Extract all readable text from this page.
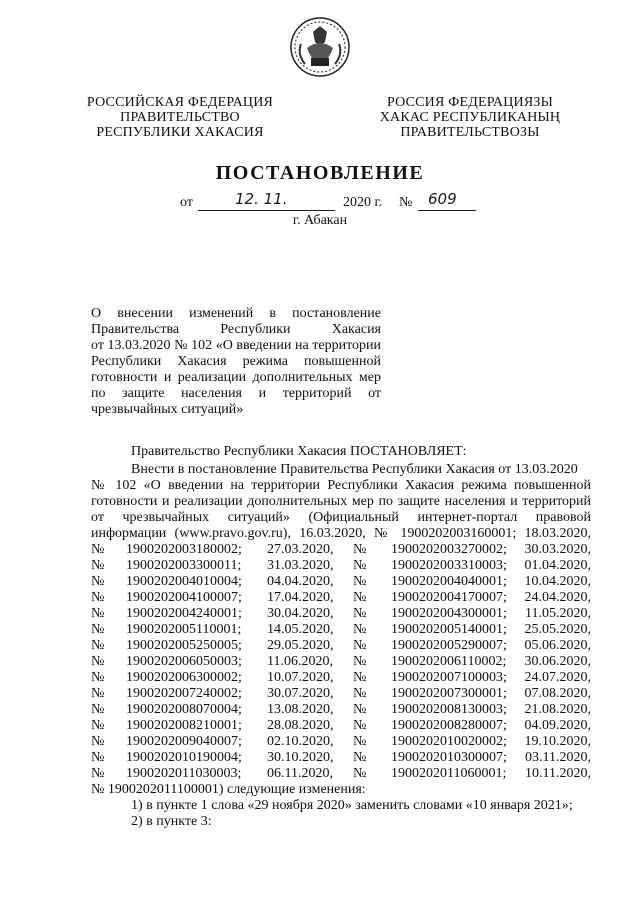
РОССИЙСКАЯ ФЕДЕРАЦИЯ
ПРАВИТЕЛЬСТВО
РЕСПУБЛИКИ ХАКАСИЯ
РОССИЯ ФЕДЕРАЦИЯЗЫ
ХАКАС РЕСПУБЛИКАНЫҢ
ПРАВИТЕЛЬСТВОЗЫ
ПОСТАНОВЛЕНИЕ
от	12. 11.	2020 г. № 609
г. Абакан
О внесении изменений в постановление
Правительства Республики Хакасия
от 13.03.2020 № 102 «О введении на территории
Республики Хакасия режима повышенной
готовности и реализации дополнительных мер
по защите населения и территорий от
чрезвычайных ситуаций»
Правительство Республики Хакасия ПОСТАНОВЛЯЕТ:
Внести в постановление Правительства Республики Хакасия от 13.03.2020
№ 102 «О введении на территории Республики Хакасия режима повышенной
готовности и реализации дополнительных мер по защите населения и территорий
от чрезвычайных ситуаций» (Официальный интернет-портал правовой
информации (www.pravo.gov.ru), 16.03.2020, № 1900202003160001; 18.03.2020,
№ 1900202003180002; 27.03.2020, № 1900202003270002; 30.03.2020,
№ 1900202003300011; 31.03.2020, № 1900202003310003; 01.04.2020,
№ 1900202004010004; 04.04.2020, № 1900202004040001; 10.04.2020,
№ 1900202004100007; 17.04.2020, № 1900202004170007; 24.04.2020,
№ 1900202004240001; 30.04.2020, № 1900202004300001; 11.05.2020,
№ 1900202005110001; 14.05.2020, № 1900202005140001; 25.05.2020,
№ 1900202005250005; 29.05.2020, № 1900202005290007; 05.06.2020,
№ 1900202006050003; 11.06.2020, № 1900202006110002; 30.06.2020,
№ 1900202006300002; 10.07.2020, № 1900202007100003; 24.07.2020,
№ 1900202007240002; 30.07.2020, № 1900202007300001; 07.08.2020,
№ 1900202008070004; 13.08.2020, № 1900202008130003; 21.08.2020,
№ 1900202008210001; 28.08.2020, № 1900202008280007; 04.09.2020,
№ 1900202009040007; 02.10.2020, № 1900202010020002; 19.10.2020,
№ 1900202010190004; 30.10.2020, № 1900202010300007; 03.11.2020,
№ 1900202011030003; 06.11.2020, № 1900202011060001; 10.11.2020,
№ 1900202011100001) следующие изменения:
1) в пункте 1 слова «29 ноября 2020» заменить словами «10 января 2021»;
2) в пункте 3:
